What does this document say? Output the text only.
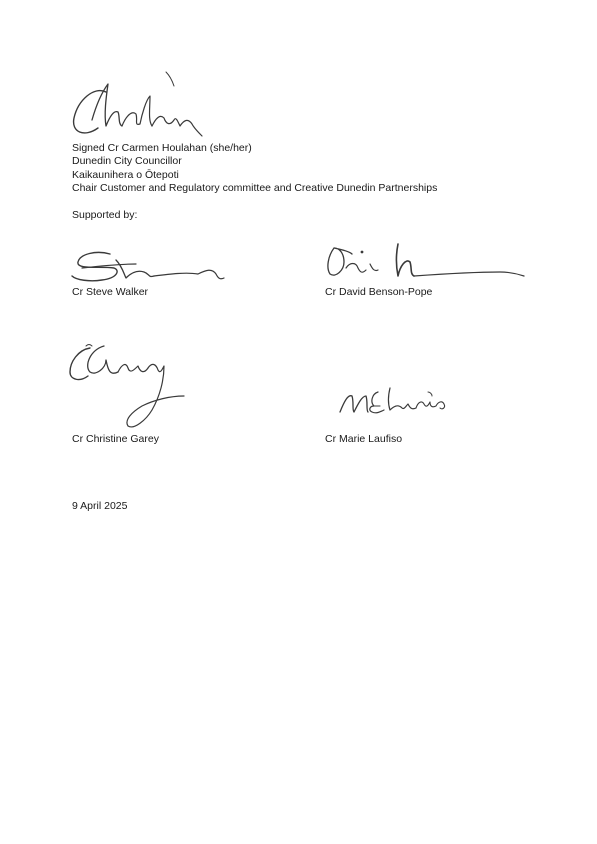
Signed Cr Carmen Houlahan (she/her)
Dunedin City Councillor
Kaikaunihera o Ōtepoti
Chair Customer and Regulatory committee and Creative Dunedin Partnerships
Supported by:
Cr Steve Walker	Cr David Benson-Pope
Cr Christine Garey	Cr Marie Laufiso
9 April 2025
